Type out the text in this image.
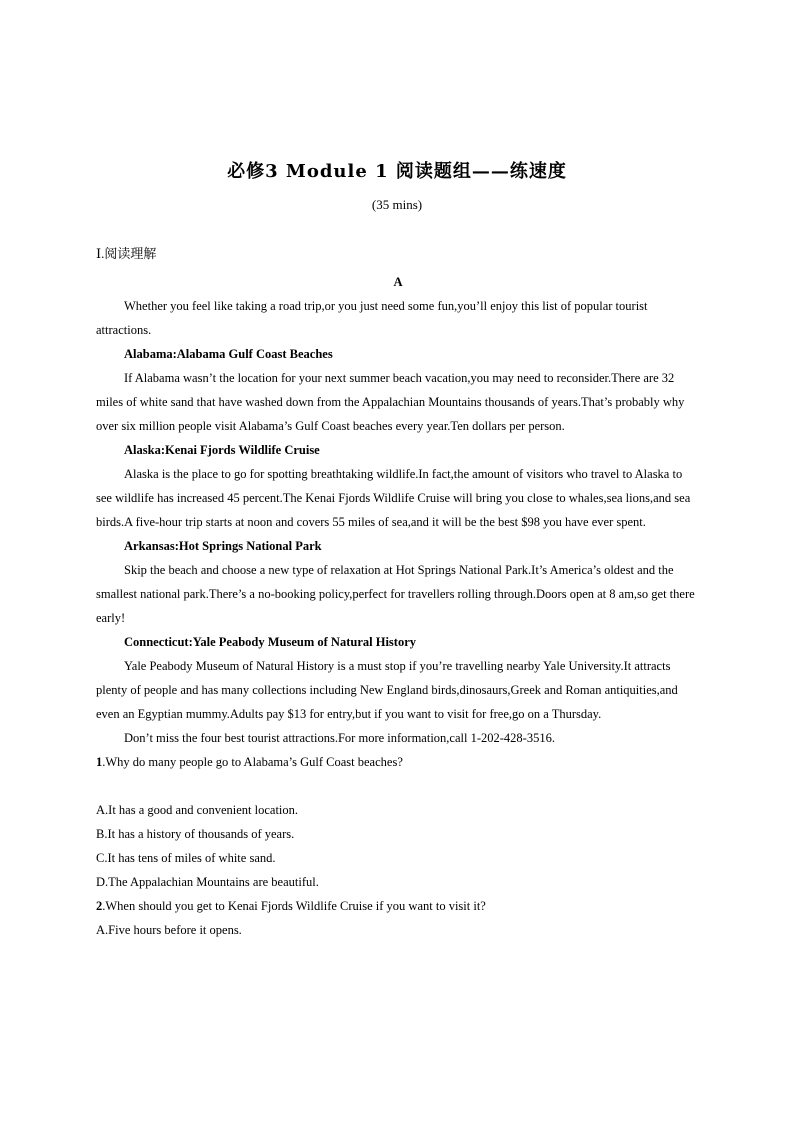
必修3 Module 1 阅读题组——练速度
(35 mins)

Ⅰ.阅读理解

A

Whether you feel like taking a road trip,or you just need some fun,you’ll enjoy this list of popular tourist attractions.

Alabama:Alabama Gulf Coast Beaches

If Alabama wasn’t the location for your next summer beach vacation,you may need to reconsider.There are 32 miles of white sand that have washed down from the Appalachian Mountains thousands of years.That’s probably why over six million people visit Alabama’s Gulf Coast beaches every year.Ten dollars per person.

Alaska:Kenai Fjords Wildlife Cruise

Alaska is the place to go for spotting breathtaking wildlife.In fact,the amount of visitors who travel to Alaska to see wildlife has increased 45 percent.The Kenai Fjords Wildlife Cruise will bring you close to whales,sea lions,and sea birds.A five-hour trip starts at noon and covers 55 miles of sea,and it will be the best $98 you have ever spent.

Arkansas:Hot Springs National Park

Skip the beach and choose a new type of relaxation at Hot Springs National Park.It’s America’s oldest and the smallest national park.There’s a no-booking policy,perfect for travellers rolling through.Doors open at 8 am,so get there early!

Connecticut:Yale Peabody Museum of Natural History

Yale Peabody Museum of Natural History is a must stop if you’re travelling nearby Yale University.It attracts plenty of people and has many collections including New England birds,dinosaurs,Greek and Roman antiquities,and even an Egyptian mummy.Adults pay $13 for entry,but if you want to visit for free,go on a Thursday.

Don’t miss the four best tourist attractions.For more information,call 1-202-428-3516.

1.Why do many people go to Alabama’s Gulf Coast beaches?

A.It has a good and convenient location.

B.It has a history of thousands of years.

C.It has tens of miles of white sand.

D.The Appalachian Mountains are beautiful.

2.When should you get to Kenai Fjords Wildlife Cruise if you want to visit it?

A.Five hours before it opens.
